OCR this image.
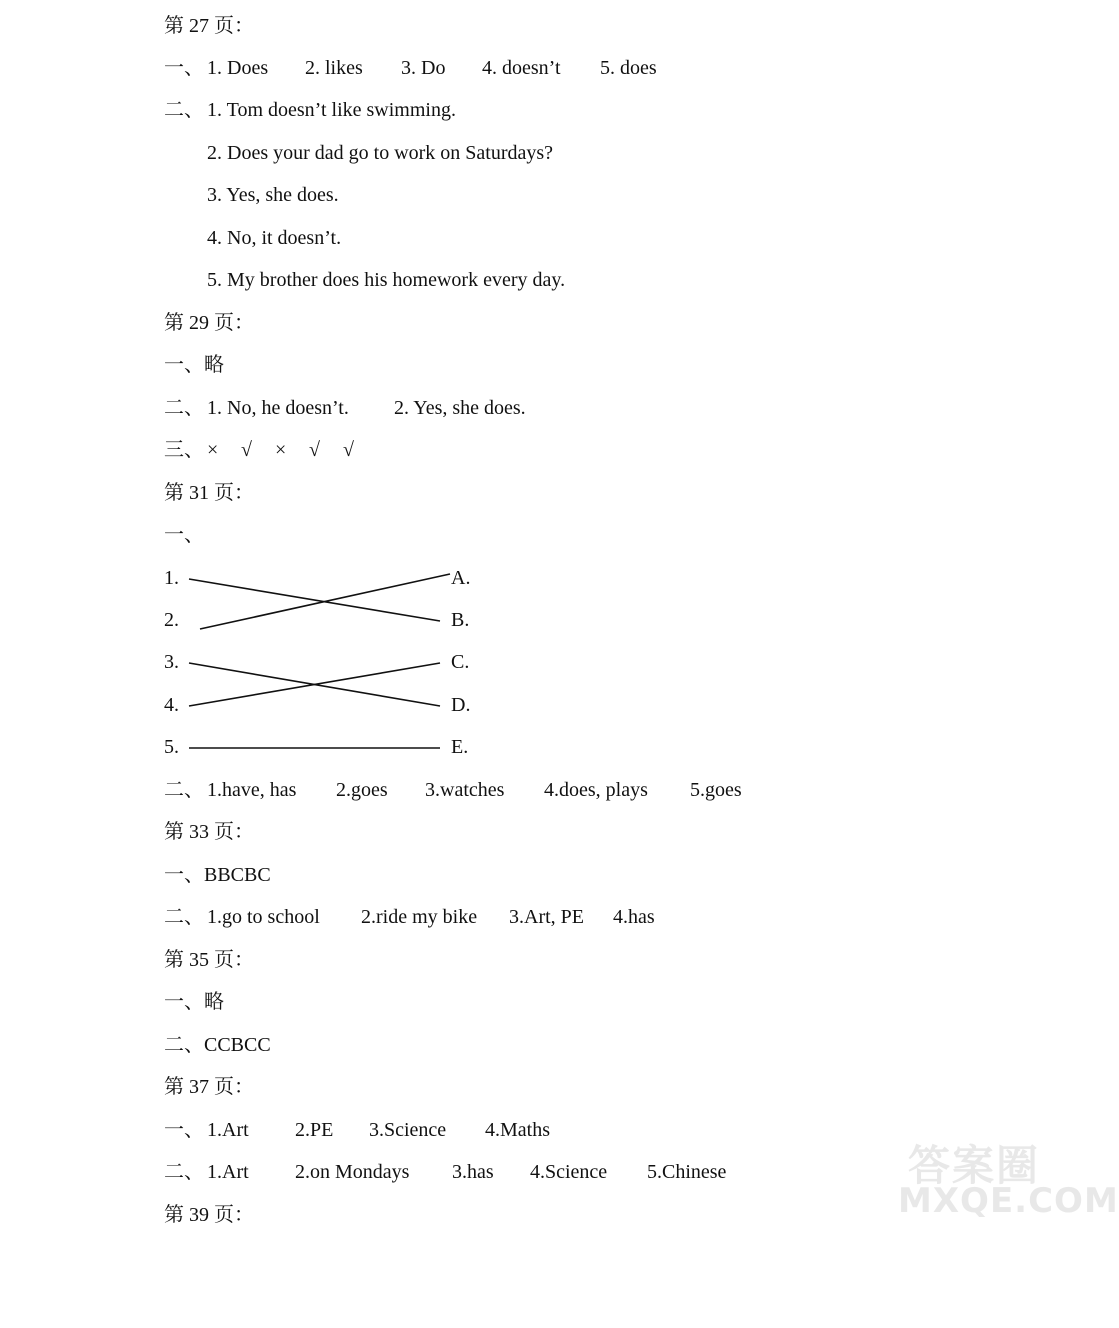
第 27 页：

一、

1. Does

2. likes

3. Do

4. doesn’t

5. does

二、

1. Tom doesn’t like swimming.

2. Does your dad go to work on Saturdays?
3. Yes, she does.
4. No, it doesn’t.
5. My brother does his homework every day.
第 29 页：
一、略

二、

1. No, he doesn’t.

2. Yes, she does.

三、

×

√

×

√

√

第 31 页：
一、
1.
2.
3.
4.
5.
A.
B.
C.
D.
E.

二、

1.have, has

2.goes

3.watches

4.does, plays

5.goes

第 33 页：
一、BBCBC

二、

1.go to school

2.ride my bike

3.Art, PE

4.has

第 35 页：
一、略
二、CCBCC
第 37 页：

一、

1.Art

2.PE

3.Science

4.Maths

二、

1.Art

2.on Mondays

3.has

4.Science

5.Chinese

第 39 页：
答案圈
MXQE.COM
